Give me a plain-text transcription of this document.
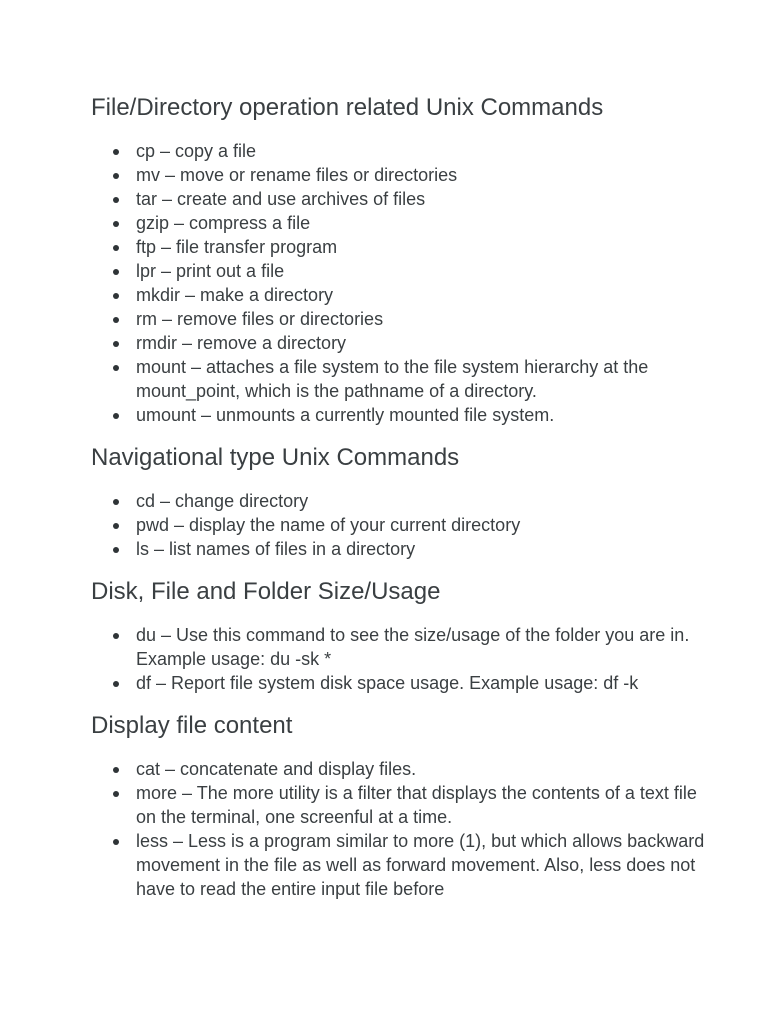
File/Directory operation related Unix Commands
cp – copy a file
mv – move or rename files or directories
tar – create and use archives of files
gzip – compress a file
ftp – file transfer program
lpr – print out a file
mkdir – make a directory
rm – remove files or directories
rmdir – remove a directory
mount – attaches a file system to the file system hierarchy at the mount_point, which is the pathname of a directory.
umount – unmounts a currently mounted file system.
Navigational type Unix Commands
cd – change directory
pwd – display the name of your current directory
ls – list names of files in a directory
Disk, File and Folder Size/Usage
du – Use this command to see the size/usage of the folder you are in. Example usage: du -sk *
df – Report file system disk space usage. Example usage: df -k
Display file content
cat – concatenate and display files.
more – The more utility is a filter that displays the contents of a text file on the terminal, one screenful at a time.
less – Less is a program similar to more (1), but which allows backward movement in the file as well as forward movement. Also, less does not have to read the entire input file before
